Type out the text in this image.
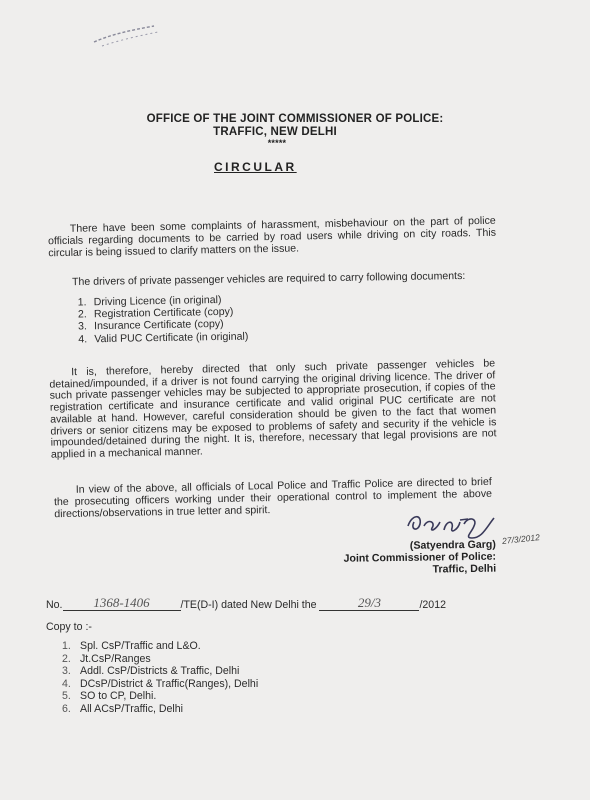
OFFICE OF THE JOINT COMMISSIONER OF POLICE:
TRAFFIC, NEW DELHI
*****
CIRCULAR

There have been some complaints of harassment, misbehaviour on the part of police officials regarding documents to be carried by road users while driving on city roads. This circular is being issued to clarify matters on the issue.

The drivers of private passenger vehicles are required to carry following documents:

1. Driving Licence (in original)
2. Registration Certificate (copy)
3. Insurance Certificate (copy)
4. Valid PUC Certificate (in original)

It is, therefore, hereby directed that only such private passenger vehicles be detained/impounded, if a driver is not found carrying the original driving licence. The driver of such private passenger vehicles may be subjected to appropriate prosecution, if copies of the registration certificate and insurance certificate and valid original PUC certificate are not available at hand. However, careful consideration should be given to the fact that women drivers or senior citizens may be exposed to problems of safety and security if the vehicle is impounded/detained during the night. It is, therefore, necessary that legal provisions are not applied in a mechanical manner.

In view of the above, all officials of Local Police and Traffic Police are directed to brief the prosecuting officers working under their operational control to implement the above directions/observations in true letter and spirit.

27/3/2012
(Satyendra Garg)
Joint Commissioner of Police:
Traffic, Delhi
No. 1368-1406	/TE(D-I) dated New Delhi the	29/3	/2012
Copy to :-
1. Spl. CsP/Traffic and L&O.
2. Jt.CsP/Ranges
3. Addl. CsP/Districts & Traffic, Delhi
4. DCsP/District & Traffic(Ranges), Delhi
5. SO to CP, Delhi.
6. All ACsP/Traffic, Delhi
